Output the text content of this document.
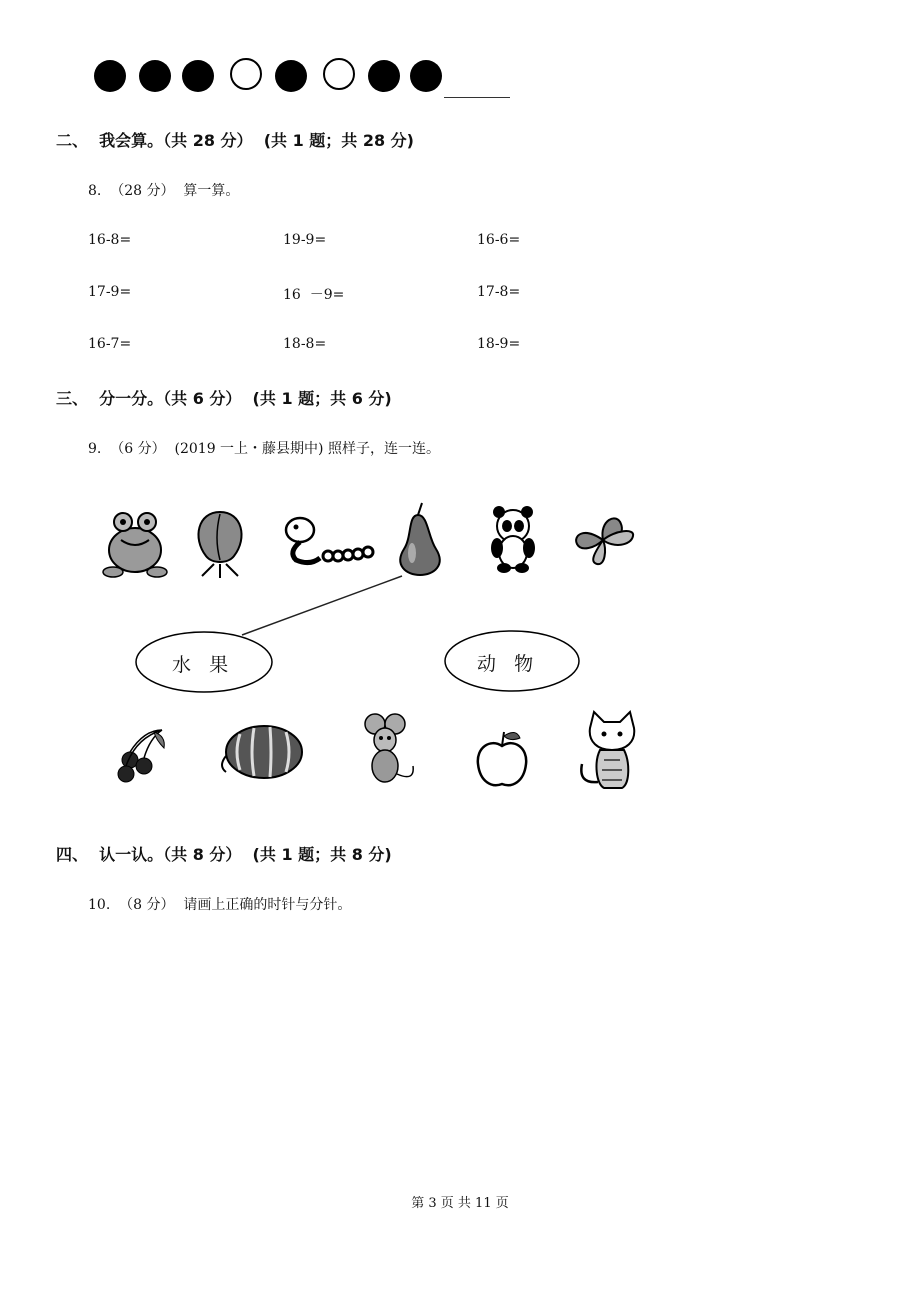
二、  我会算。（共 28 分）  (共 1 题；共 28 分)
8.  （28 分）  算一算。
16-8=	19-9=	16-6=
17-9=	16  －9=	17-8=
16-7=	18-8=	18-9=
三、  分一分。（共 6 分）  (共 1 题；共 6 分)
9.  （6 分）  (2019 一上・藤县期中) 照样子，连一连。
水   果	动   物
四、  认一认。（共 8 分）  (共 1 题；共 8 分)
10.  （8 分）  请画上正确的时针与分针。
第 3 页 共 11 页
